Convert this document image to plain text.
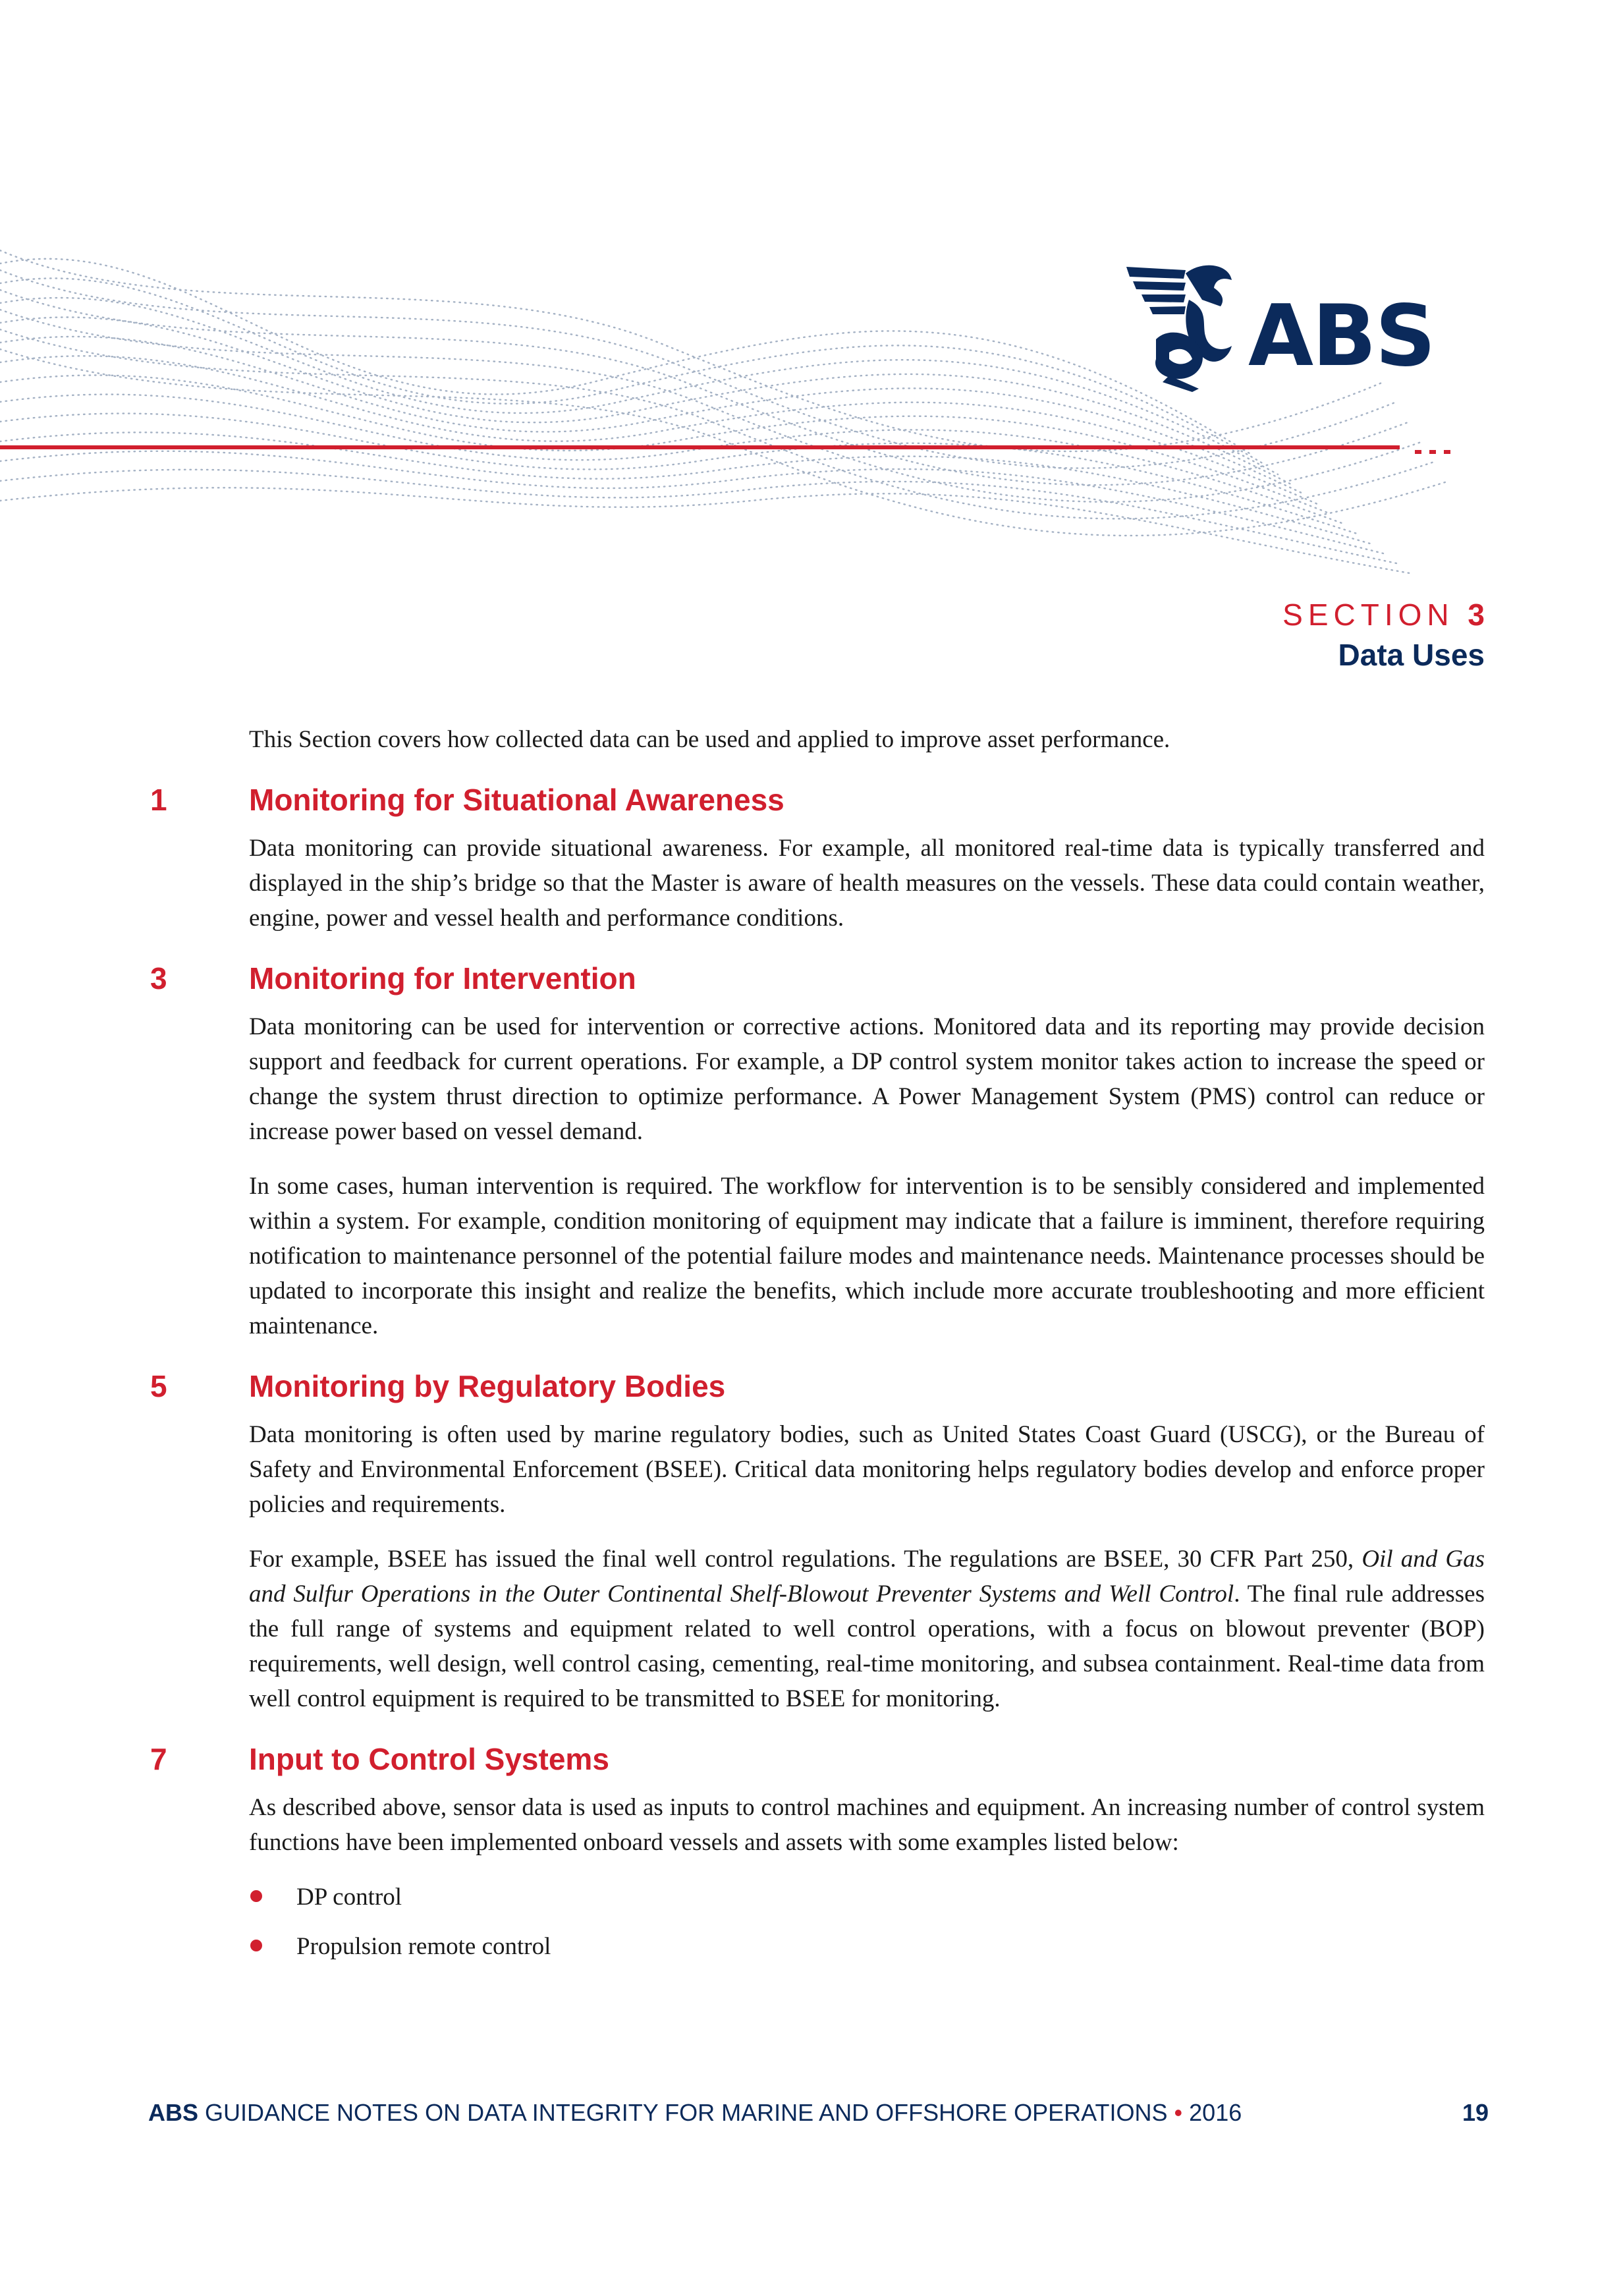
ABS
SECTION 3
Data Uses

This Section covers how collected data can be used and applied to improve asset performance.

1	Monitoring for Situational Awareness

Data monitoring can provide situational awareness. For example, all monitored real-time data is typically transferred and displayed in the ship’s bridge so that the Master is aware of health measures on the vessels. These data could contain weather, engine, power and vessel health and performance conditions.

3	Monitoring for Intervention

Data monitoring can be used for intervention or corrective actions. Monitored data and its reporting may provide decision support and feedback for current operations. For example, a DP control system monitor takes action to increase the speed or change the system thrust direction to optimize performance. A Power Management System (PMS) control can reduce or increase power based on vessel demand.

In some cases, human intervention is required. The workflow for intervention is to be sensibly considered and implemented within a system. For example, condition monitoring of equipment may indicate that a failure is imminent, therefore requiring notification to maintenance personnel of the potential failure modes and maintenance needs. Maintenance processes should be updated to incorporate this insight and realize the benefits, which include more accurate troubleshooting and more efficient maintenance.

5	Monitoring by Regulatory Bodies

Data monitoring is often used by marine regulatory bodies, such as United States Coast Guard (USCG), or the Bureau of Safety and Environmental Enforcement (BSEE). Critical data monitoring helps regulatory bodies develop and enforce proper policies and requirements.

For example, BSEE has issued the final well control regulations. The regulations are BSEE, 30 CFR Part 250, Oil and Gas and Sulfur Operations in the Outer Continental Shelf-Blowout Preventer Systems and Well Control. The final rule addresses the full range of systems and equipment related to well control operations, with a focus on blowout preventer (BOP) requirements, well design, well control casing, cementing, real-time monitoring, and subsea containment. Real-time data from well control equipment is required to be transmitted to BSEE for monitoring.

7	Input to Control Systems

As described above, sensor data is used as inputs to control machines and equipment. An increasing number of control system functions have been implemented onboard vessels and assets with some examples listed below:

DP control
Propulsion remote control
ABS GUIDANCE NOTES ON DATA INTEGRITY FOR MARINE AND OFFSHORE OPERATIONS • 2016	19
